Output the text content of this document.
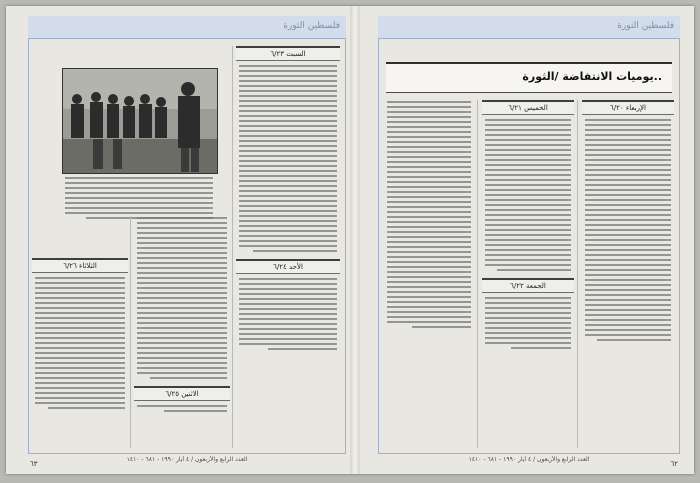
فلسطين الثورة
الثلاثاء ٦/٢٦
الاثنين ٦/٢٥
السبت ٦/٢٣
الأحد ٦/٢٤
العدد الرابع والأربعون / ٤ أيار ١٩٩٠ - ٦٨١ - ١٤١٠
٦٣
فلسطين الثورة
يوميات الانتفاضة /الثورة..
الإربعاء ٦/٢٠
الخميس ٦/٢١
الجمعة ٦/٢٢
العدد الرابع والأربعون / ٤ أيار ١٩٩٠ - ٦٨١ - ١٤١٠
٦٢
